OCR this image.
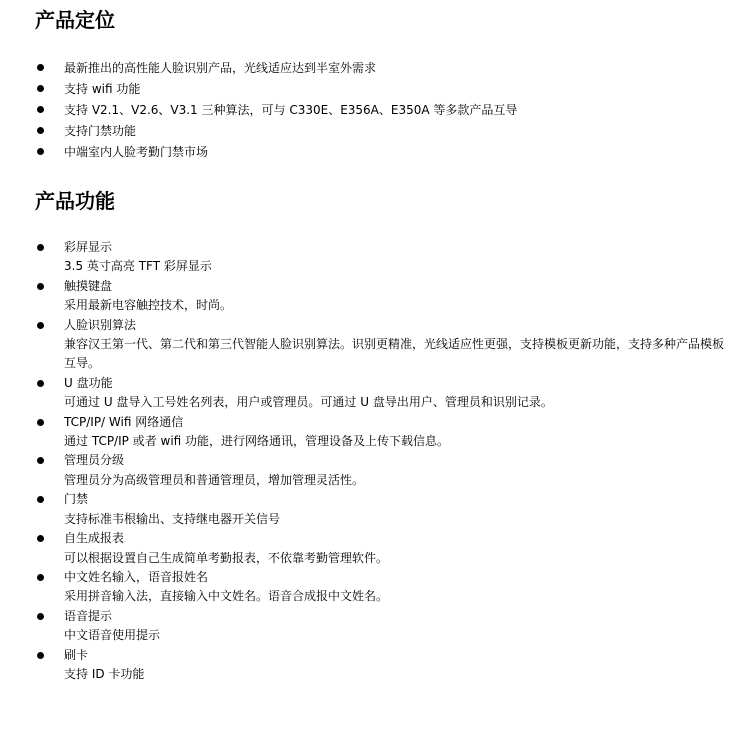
产品定位
最新推出的高性能人脸识别产品，光线适应达到半室外需求
支持 wifi 功能
支持 V2.1、V2.6、V3.1 三种算法，可与 C330E、E356A、E350A 等多款产品互导
支持门禁功能
中端室内人脸考勤门禁市场
产品功能
彩屏显示
3.5 英寸高亮 TFT 彩屏显示
触摸键盘
采用最新电容触控技术，时尚。
人脸识别算法
兼容汉王第一代、第二代和第三代智能人脸识别算法。识别更精准，光线适应性更强，支持模板更新功能，支持多种产品模板互导。
U 盘功能
可通过 U 盘导入工号姓名列表，用户或管理员。可通过 U 盘导出用户、管理员和识别记录。
TCP/IP/ Wifi 网络通信
通过 TCP/IP 或者 wifi 功能，进行网络通讯，管理设备及上传下载信息。
管理员分级
管理员分为高级管理员和普通管理员，增加管理灵活性。
门禁
支持标准韦根输出、支持继电器开关信号
自生成报表
可以根据设置自己生成简单考勤报表，不依靠考勤管理软件。
中文姓名输入，语音报姓名
采用拼音输入法，直接输入中文姓名。语音合成报中文姓名。
语音提示
中文语音使用提示
刷卡
支持 ID 卡功能
